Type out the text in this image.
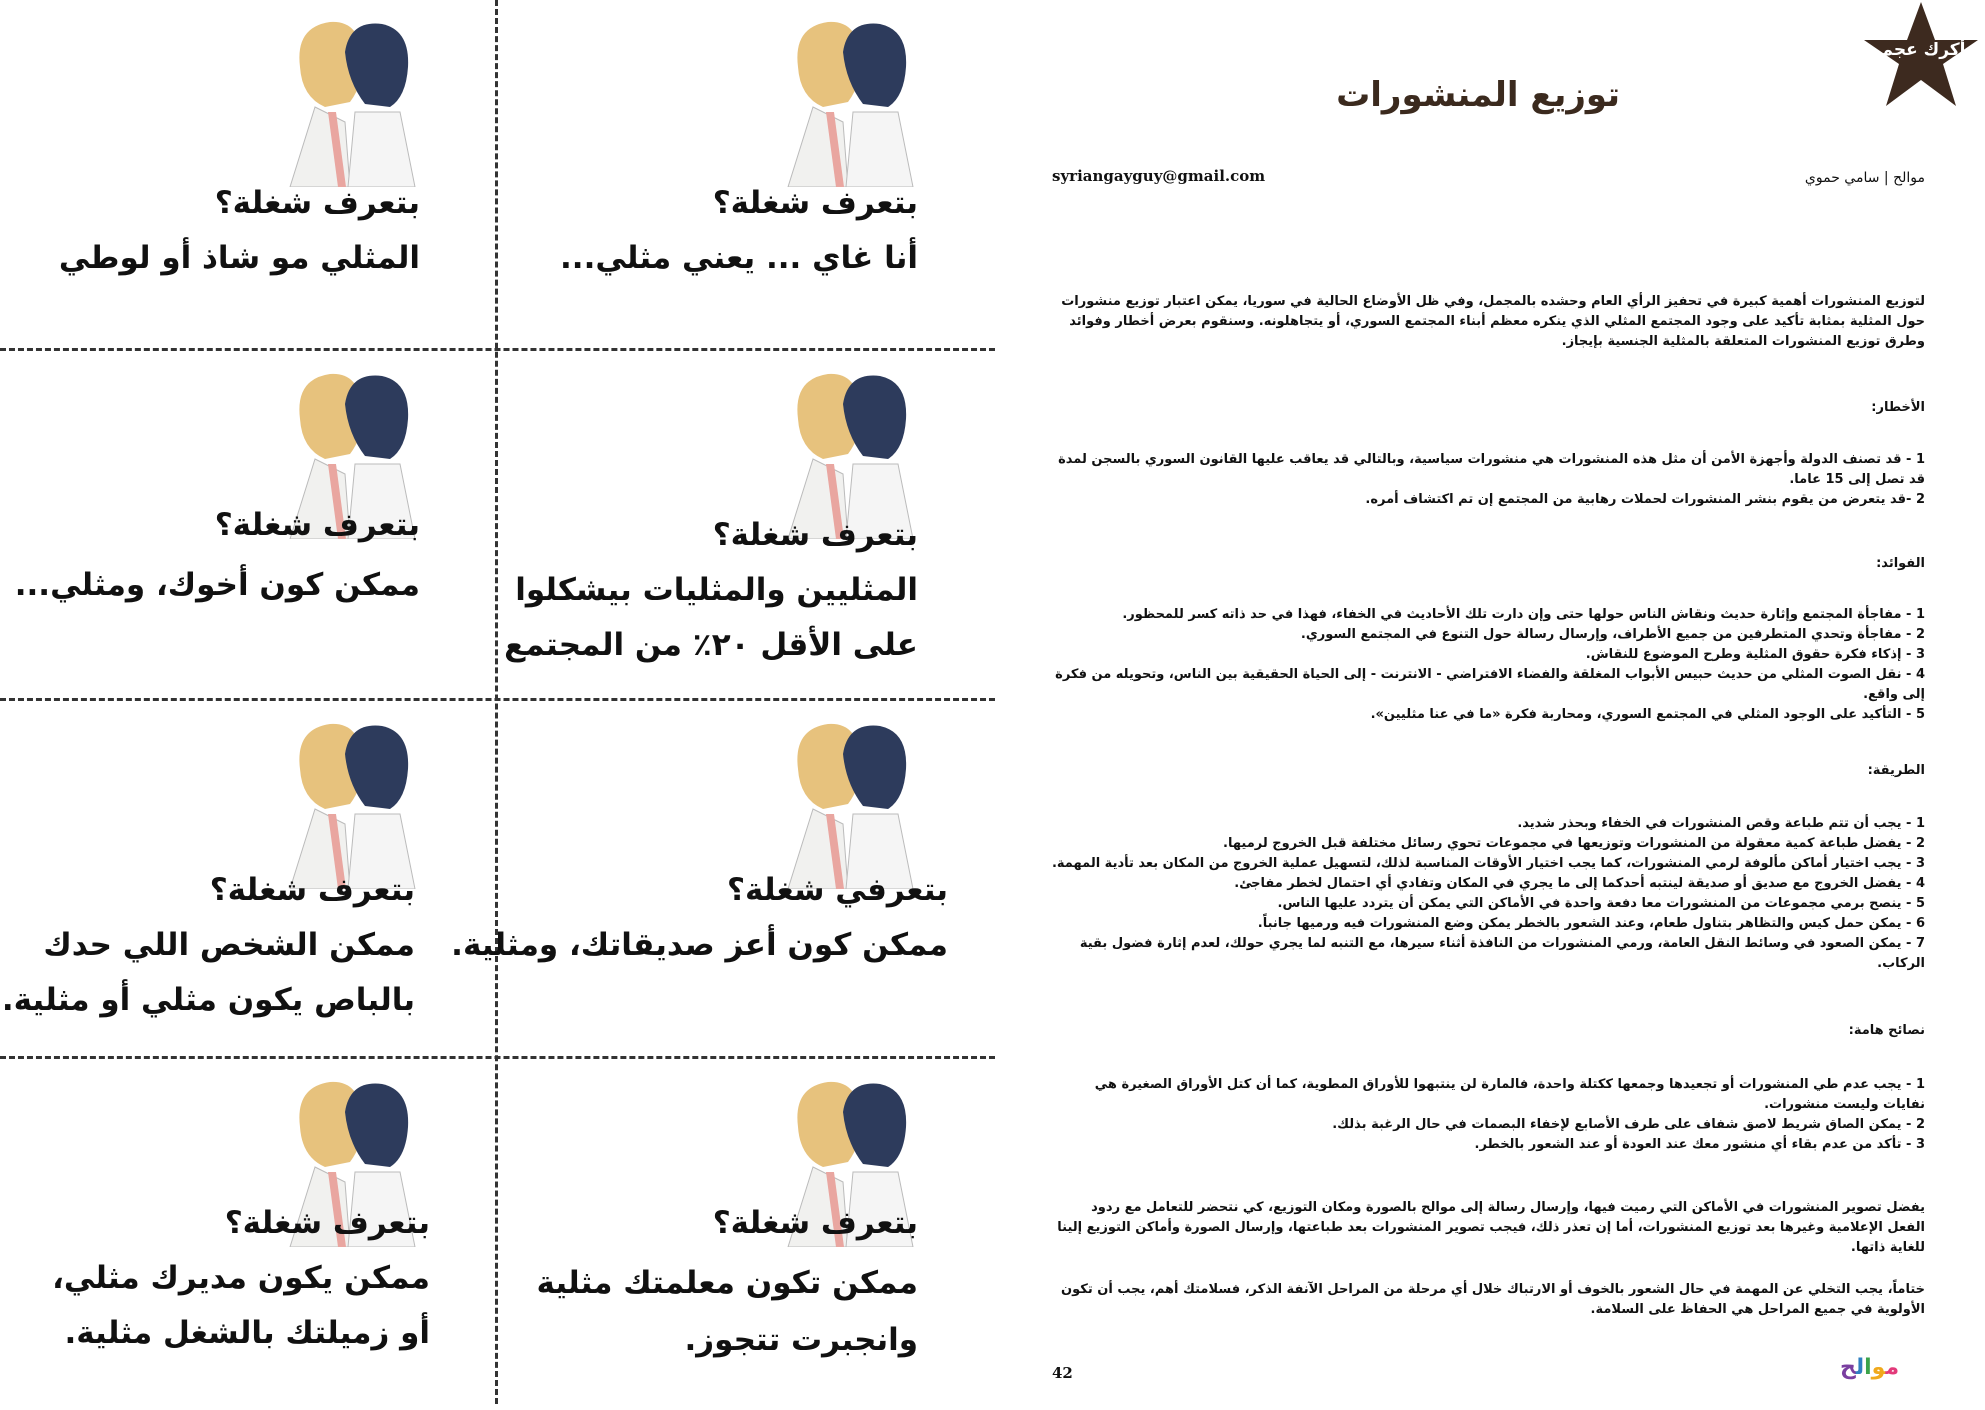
بتعرف شغلة؟
أنا غاي ... يعني مثلي...
بتعرف شغلة؟
المثلي مو شاذ أو لوطي
بتعرف شغلة؟
المثليين والمثليات بيشكلوا
على الأقل ٢٠٪ من المجتمع
بتعرف شغلة؟
ممكن كون أخوك، ومثلي...
بتعرفي شغلة؟
ممكن كون أعز صديقاتك، ومثلية.
بتعرف شغلة؟
ممكن الشخص اللي حدك
بالباص يكون مثلي أو مثلية.
بتعرف شغلة؟
ممكن تكون معلمتك مثلية
وانجبرت تتجوز.
بتعرف شغلة؟
ممكن يكون مديرك مثلي،
أو زميلتك بالشغل مثلية.
أكرك عجم
توزيع المنشورات
syriangayguy@gmail.com	موالح | سامي حموي

لتوزيع المنشورات أهمية كبيرة في تحفيز الرأي العام وحشده بالمجمل، وفي ظل الأوضاع الحالية في سوريا، يمكن اعتبار توزيع منشورات حول المثلية بمثابة تأكيد على وجود المجتمع المثلي الذي ينكره معظم أبناء المجتمع السوري، أو يتجاهلونه. وسنقوم بعرض أخطار وفوائد وطرق توزيع المنشورات المتعلقة بالمثلية الجنسية بإيجاز.

الأخطار:

1 - قد تصنف الدولة وأجهزة الأمن أن مثل هذه المنشورات هي منشورات سياسية، وبالتالي قد يعاقب عليها القانون السوري بالسجن لمدة قد تصل إلى 15 عاما.

2 -قد يتعرض من يقوم بنشر المنشورات لحملات رهابية من المجتمع إن تم اكتشاف أمره.

الفوائد:

1 - مفاجأة المجتمع وإثارة حديث ونقاش الناس حولها حتى وإن دارت تلك الأحاديث في الخفاء، فهذا في حد ذاته كسر للمحظور.

2 - مفاجأة وتحدي المتطرفين من جميع الأطراف، وإرسال رسالة حول التنوع في المجتمع السوري.

3 - إذكاء فكرة حقوق المثلية وطرح الموضوع للنقاش.

4 - نقل الصوت المثلي من حديث حبيس الأبواب المغلقة والفضاء الافتراضي - الانترنت - إلى الحياة الحقيقية بين الناس، وتحويله من فكرة إلى واقع.

5 - التأكيد على الوجود المثلي في المجتمع السوري، ومحاربة فكرة «ما في عنا مثليين».

الطريقة:

1 - يجب أن تتم طباعة وقص المنشورات في الخفاء وبحذر شديد.

2 - يفضل طباعة كمية معقولة من المنشورات وتوزيعها في مجموعات تحوي رسائل مختلفة قبل الخروج لرميها.

3 - يجب اختيار أماكن مألوفة لرمي المنشورات، كما يجب اختيار الأوقات المناسبة لذلك، لتسهيل عملية الخروج من المكان بعد تأدية المهمة.

4 - يفضل الخروج مع صديق أو صديقة لينتبه أحدكما إلى ما يجري في المكان وتفادي أي احتمال لخطر مفاجئ.

5 - ينصح برمي مجموعات من المنشورات معا دفعة واحدة في الأماكن التي يمكن أن يتردد عليها الناس.

6 - يمكن حمل كيس والتظاهر بتناول طعام، وعند الشعور بالخطر يمكن وضع المنشورات فيه ورميها جانباً.

7 - يمكن الصعود في وسائط النقل العامة، ورمي المنشورات من النافذة أثناء سيرها، مع التنبه لما يجري حولك، لعدم إثارة فضول بقية الركاب.

نصائح هامة:

1 - يجب عدم طي المنشورات أو تجعيدها وجمعها ككتلة واحدة، فالمارة لن ينتبهوا للأوراق المطوية، كما أن كتل الأوراق الصغيرة هي نفايات وليست منشورات.

2 - يمكن الصاق شريط لاصق شفاف على طرف الأصابع لإخفاء البصمات في حال الرغبة بذلك.

3 - تأكد من عدم بقاء أي منشور معك عند العودة أو عند الشعور بالخطر.

يفضل تصوير المنشورات في الأماكن التي رميت فيها، وإرسال رسالة إلى موالح بالصورة ومكان التوزيع، كي نتحضر للتعامل مع ردود الفعل الإعلامية وغيرها بعد توزيع المنشورات، أما إن تعذر ذلك، فيجب تصوير المنشورات بعد طباعتها، وإرسال الصورة وأماكن التوزيع إلينا للغاية ذاتها.

ختاماً، يجب التخلي عن المهمة في حال الشعور بالخوف أو الارتباك خلال أي مرحلة من المراحل الآنفة الذكر، فسلامتك أهم، يجب أن تكون الأولوية في جميع المراحل هي الحفاظ على السلامة.

42	موالح
